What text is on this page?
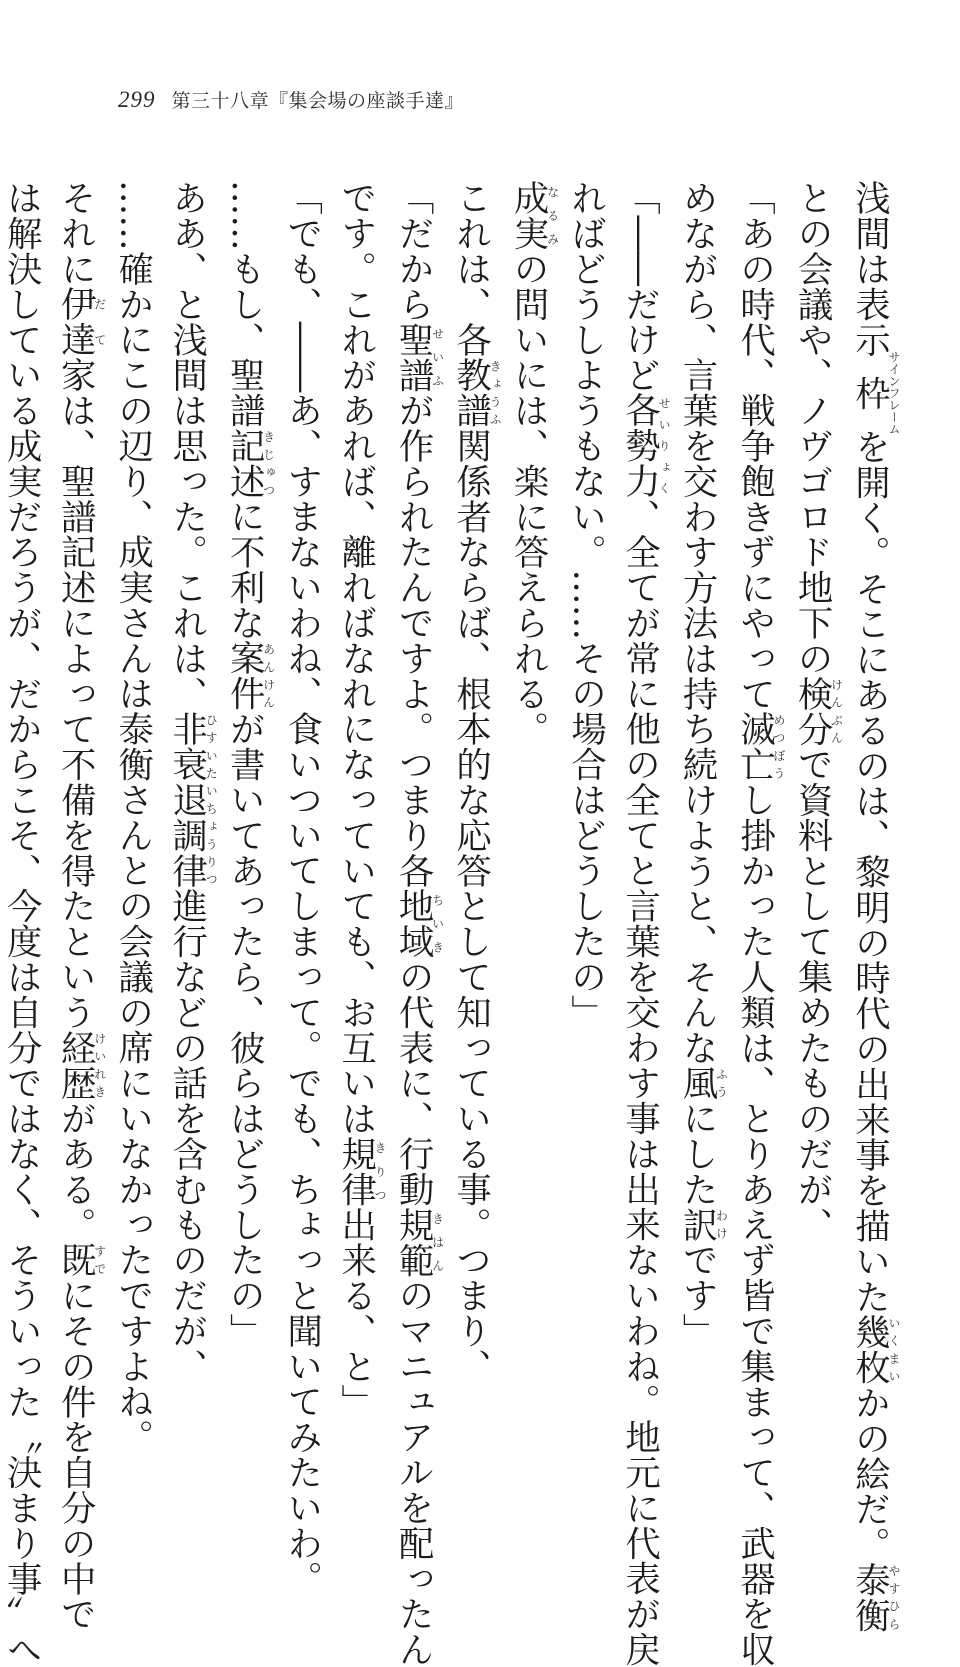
299 第三十八章『集会場の座談手達』

浅間は表示枠サインフレームを開く。そこにあるのは、黎明の時代の出来事を描いた幾枚いくまいかの絵だ。泰衡やすひら

との会議や、ノヴゴロド地下の検分けんぶんで資料として集めたものだが、

「あの時代、戦争飽きずにやって滅亡めつぼうし掛かった人類は、とりあえず皆で集まって、武器を収

めながら、言葉を交わす方法は持ち続けようと、そんな風ふうにした訳わけです」

「――だけど各勢力せいりょく、全てが常に他の全てと言葉を交わす事は出来ないわね。地元に代表が戻

ればどうしようもない。……その場合はどうしたの」

成実なるみの問いには、楽に答えられる。

これは、各教譜きょうふ関係者ならば、根本的な応答として知っている事。つまり、

「だから聖譜せいふが作られたんですよ。つまり各地域ちいきの代表に、行動規範きはんのマニュアルを配ったん

です。これがあれば、離ればなれになっていても、お互いは規律きりつ出来る、と」

「でも、――あ、すまないわね、食いついてしまって。でも、ちょっと聞いてみたいわ。

……もし、聖譜記述きじゅつに不利な案件あんけんが書いてあったら、彼らはどうしたの」

ああ、と浅間は思った。これは、非衰退調律ひすいたいちょうりつ進行などの話を含むものだが、

……確かにこの辺り、成実さんは泰衡さんとの会議の席にいなかったですよね。

それに伊達だて家は、聖譜記述によって不備を得たという経歴けいれきがある。既すでにその件を自分の中で

は解決している成実だろうが、だからこそ、今度は自分ではなく、そういった〝決まり事〟へ
